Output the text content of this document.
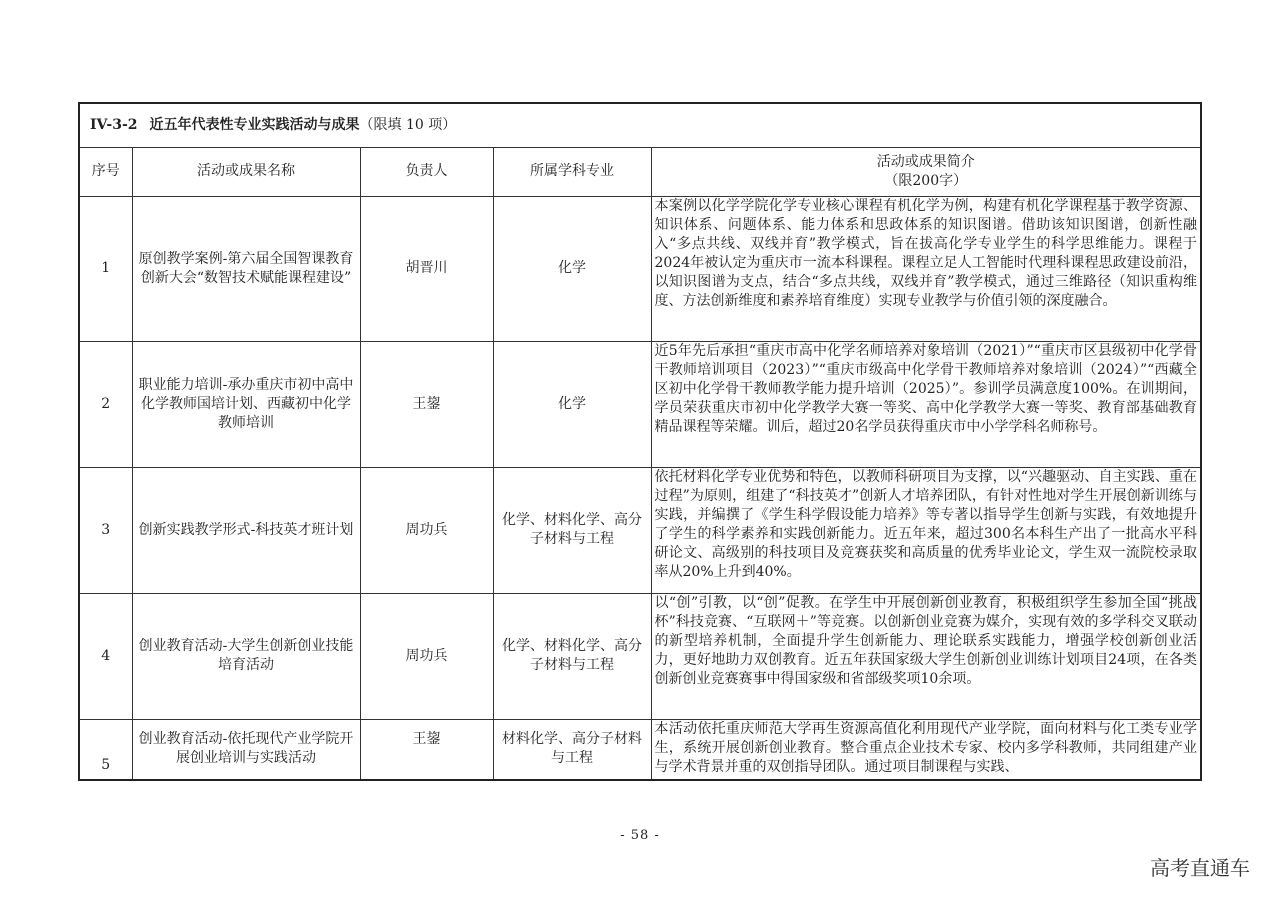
IV-3-2 近五年代表性专业实践活动与成果（限填 10 项）				
序号	活动或成果名称	负责人	所属学科专业	活动或成果简介
（限200字）

1	原创教学案例-第六届全国智课教育创新大会“数智技术赋能课程建设”	胡晋川	化学	本案例以化学学院化学专业核心课程有机化学为例，构建有机化学课程基于教学资源、知识体系、问题体系、能力体系和思政体系的知识图谱。借助该知识图谱，创新性融入“多点共线、双线并育”教学模式，旨在拔高化学专业学生的科学思维能力。课程于2024年被认定为重庆市一流本科课程。课程立足人工智能时代理科课程思政建设前沿，以知识图谱为支点，结合“多点共线，双线并育”教学模式，通过三维路径（知识重构维度、方法创新维度和素养培育维度）实现专业教学与价值引领的深度融合。
2	职业能力培训-承办重庆市初中高中化学教师国培计划、西藏初中化学教师培训	王鋆	化学	近5年先后承担“重庆市高中化学名师培养对象培训（2021）”“重庆市区县级初中化学骨干教师培训项目（2023）”“重庆市级高中化学骨干教师培养对象培训（2024）”“西藏全区初中化学骨干教师教学能力提升培训（2025）”。参训学员满意度100%。在训期间，学员荣获重庆市初中化学教学大赛一等奖、高中化学教学大赛一等奖、教育部基础教育精品课程等荣耀。训后，超过20名学员获得重庆市中小学学科名师称号。
3	创新实践教学形式-科技英才班计划	周功兵	化学、材料化学、高分子材料与工程	依托材料化学专业优势和特色，以教师科研项目为支撑，以“兴趣驱动、自主实践、重在过程”为原则，组建了“科技英才”创新人才培养团队，有针对性地对学生开展创新训练与实践，并编撰了《学生科学假设能力培养》等专著以指导学生创新与实践，有效地提升了学生的科学素养和实践创新能力。近五年来，超过300名本科生产出了一批高水平科研论文、高级别的科技项目及竞赛获奖和高质量的优秀毕业论文，学生双一流院校录取率从20%上升到40%。
4	创业教育活动-大学生创新创业技能培育活动	周功兵	化学、材料化学、高分子材料与工程	以“创”引教，以“创”促教。在学生中开展创新创业教育，积极组织学生参加全国“挑战杯”科技竞赛、“互联网＋”等竞赛。以创新创业竞赛为媒介，实现有效的多学科交叉联动的新型培养机制，全面提升学生创新能力、理论联系实践能力，增强学校创新创业活力，更好地助力双创教育。近五年获国家级大学生创新创业训练计划项目24项，在各类创新创业竞赛赛事中得国家级和省部级奖项10余项。
5	创业教育活动-依托现代产业学院开展创业培训与实践活动	王鋆	材料化学、高分子材料与工程	本活动依托重庆师范大学再生资源高值化利用现代产业学院，面向材料与化工类专业学生，系统开展创新创业教育。整合重点企业技术专家、校内多学科教师，共同组建产业与学术背景并重的双创指导团队。通过项目制课程与实践、
- 58 -
高考直通车
